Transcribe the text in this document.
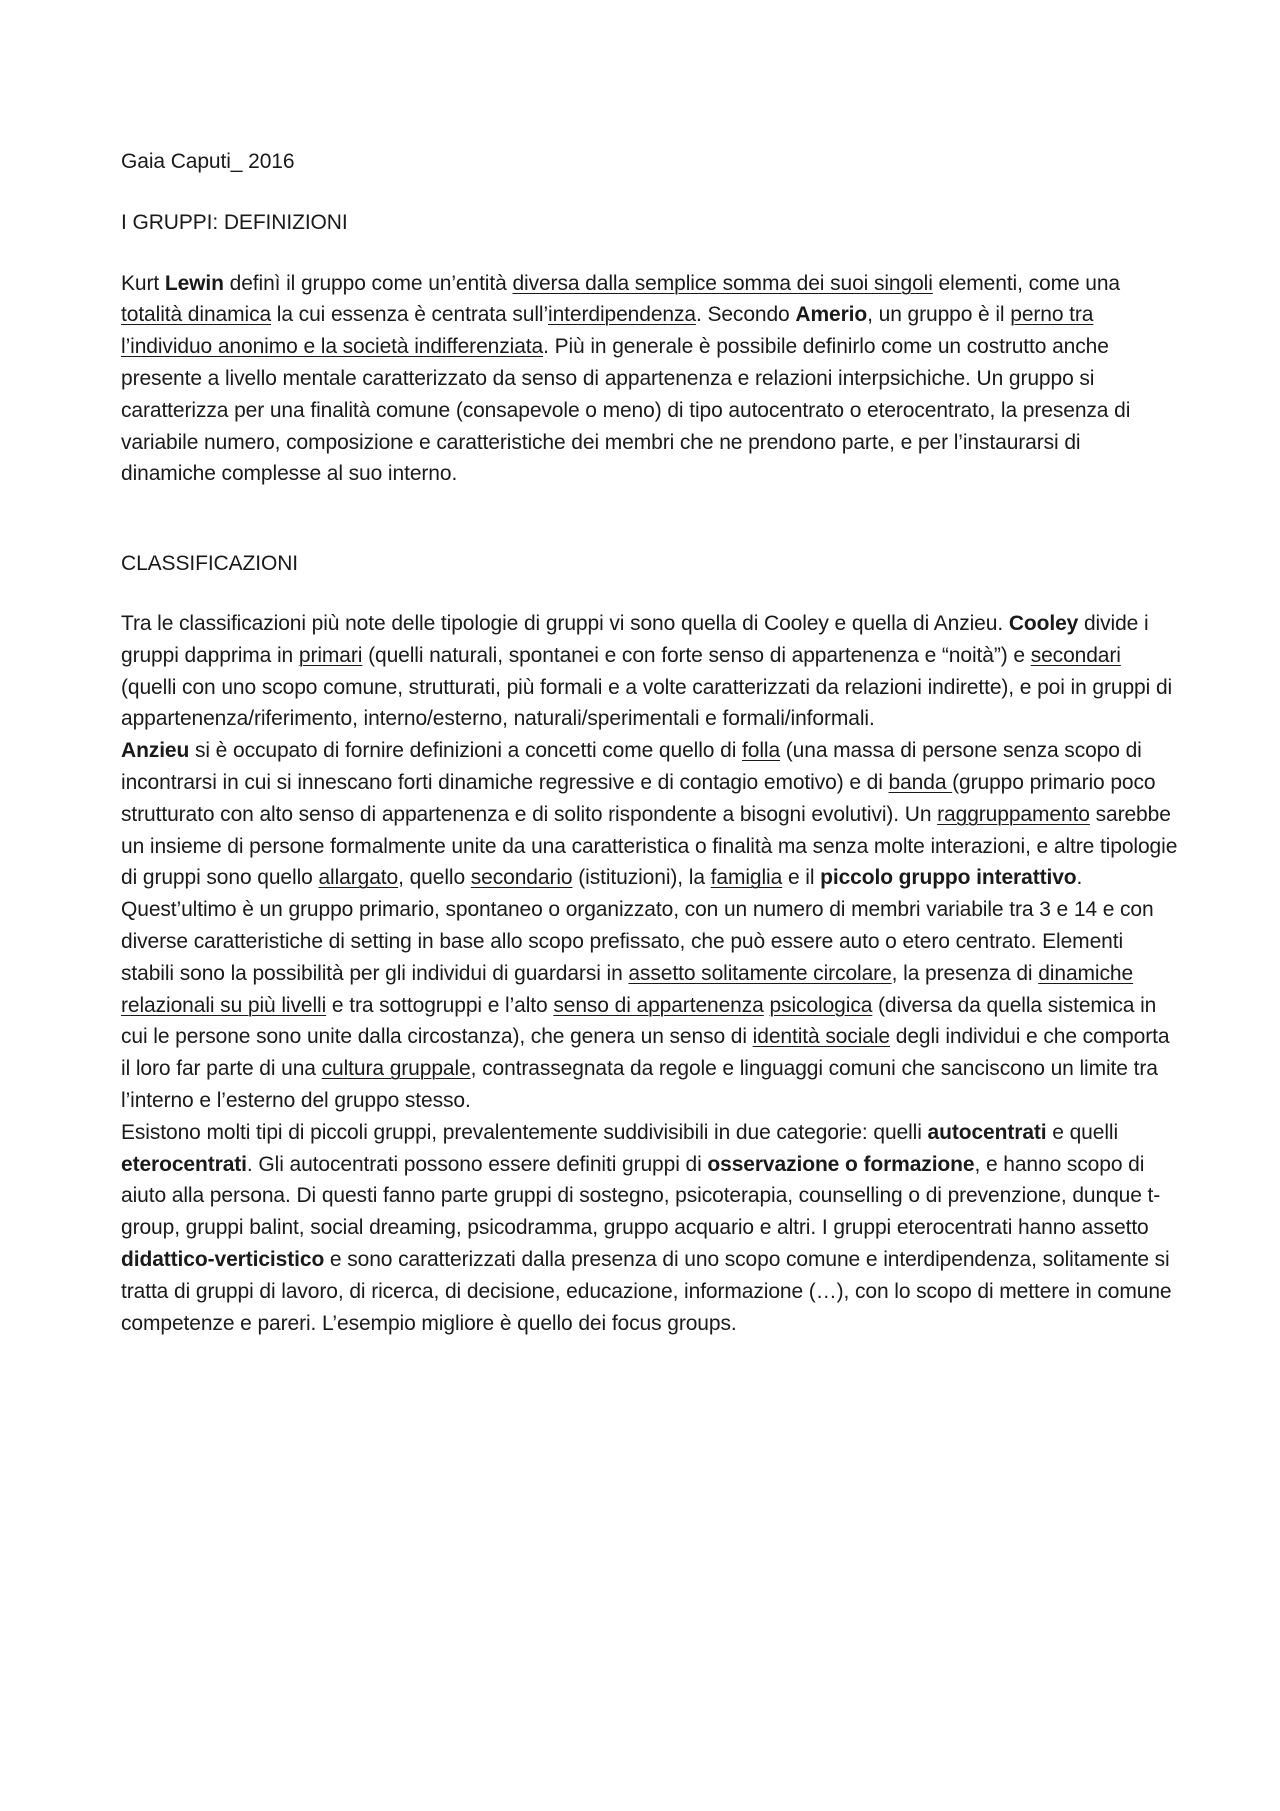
Gaia Caputi_ 2016

I GRUPPI: DEFINIZIONI

Kurt Lewin definì il gruppo come un’entità diversa dalla semplice somma dei suoi singoli elementi, come una totalità dinamica la cui essenza è centrata sull’interdipendenza. Secondo Amerio, un gruppo è il perno tra l’individuo anonimo e la società indifferenziata. Più in generale è possibile definirlo come un costrutto anche presente a livello mentale caratterizzato da senso di appartenenza e relazioni interpsichiche. Un gruppo si caratterizza per una finalità comune (consapevole o meno) di tipo autocentrato o eterocentrato, la presenza di variabile numero, composizione e caratteristiche dei membri che ne prendono parte, e per l’instaurarsi di dinamiche complesse al suo interno.

CLASSIFICAZIONI

Tra le classificazioni più note delle tipologie di gruppi vi sono quella di Cooley e quella di Anzieu. Cooley divide i gruppi dapprima in primari (quelli naturali, spontanei e con forte senso di appartenenza e “noità”) e secondari (quelli con uno scopo comune, strutturati, più formali e a volte caratterizzati da relazioni indirette), e poi in gruppi di appartenenza/riferimento, interno/esterno, naturali/sperimentali e formali/informali.

Anzieu si è occupato di fornire definizioni a concetti come quello di folla (una massa di persone senza scopo di incontrarsi in cui si innescano forti dinamiche regressive e di contagio emotivo) e di banda (gruppo primario poco strutturato con alto senso di appartenenza e di solito rispondente a bisogni evolutivi). Un raggruppamento sarebbe un insieme di persone formalmente unite da una caratteristica o finalità ma senza molte interazioni, e altre tipologie di gruppi sono quello allargato, quello secondario (istituzioni), la famiglia e il piccolo gruppo interattivo.

Quest’ultimo è un gruppo primario, spontaneo o organizzato, con un numero di membri variabile tra 3 e 14 e con diverse caratteristiche di setting in base allo scopo prefissato, che può essere auto o etero centrato. Elementi stabili sono la possibilità per gli individui di guardarsi in assetto solitamente circolare, la presenza di dinamiche relazionali su più livelli e tra sottogruppi e l’alto senso di appartenenza psicologica (diversa da quella sistemica in cui le persone sono unite dalla circostanza), che genera un senso di identità sociale degli individui e che comporta il loro far parte di una cultura gruppale, contrassegnata da regole e linguaggi comuni che sanciscono un limite tra l’interno e l’esterno del gruppo stesso.

Esistono molti tipi di piccoli gruppi, prevalentemente suddivisibili in due categorie: quelli autocentrati e quelli eterocentrati. Gli autocentrati possono essere definiti gruppi di osservazione o formazione, e hanno scopo di aiuto alla persona. Di questi fanno parte gruppi di sostegno, psicoterapia, counselling o di prevenzione, dunque t-group, gruppi balint, social dreaming, psicodramma, gruppo acquario e altri. I gruppi eterocentrati hanno assetto didattico-verticistico e sono caratterizzati dalla presenza di uno scopo comune e interdipendenza, solitamente si tratta di gruppi di lavoro, di ricerca, di decisione, educazione, informazione (…), con lo scopo di mettere in comune competenze e pareri. L’esempio migliore è quello dei focus groups.
